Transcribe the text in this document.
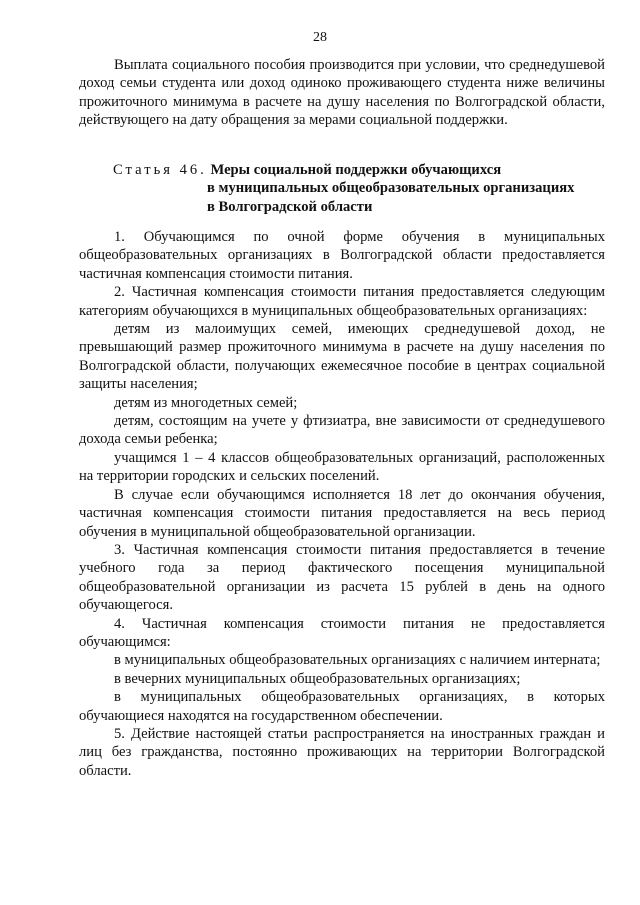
28

Выплата социального пособия производится при условии, что среднедушевой доход семьи студента или доход одиноко проживающего студента ниже величины прожиточного минимума в расчете на душу населения по Волгоградской области, действующего на дату обращения за мерами социальной поддержки.

Статья 46. Меры социальной поддержки обучающихся
в муниципальных общеобразовательных организациях
в Волгоградской области

1. Обучающимся по очной форме обучения в муниципальных общеобразовательных организациях в Волгоградской области предоставляется частичная компенсация стоимости питания.

2. Частичная компенсация стоимости питания предоставляется следующим категориям обучающихся в муниципальных общеобразовательных организациях:

детям из малоимущих семей, имеющих среднедушевой доход, не превышающий размер прожиточного минимума в расчете на душу населения по Волгоградской области, получающих ежемесячное пособие в центрах социальной защиты населения;

детям из многодетных семей;

детям, состоящим на учете у фтизиатра, вне зависимости от среднедушевого дохода семьи ребенка;

учащимся 1 – 4 классов общеобразовательных организаций, расположенных на территории городских и сельских поселений.

В случае если обучающимся исполняется 18 лет до окончания обучения, частичная компенсация стоимости питания предоставляется на весь период обучения в муниципальной общеобразовательной организации.

3. Частичная компенсация стоимости питания предоставляется в течение учебного года за период фактического посещения муниципальной общеобразовательной организации из расчета 15 рублей в день на одного обучающегося.

4. Частичная компенсация стоимости питания не предоставляется обучающимся:

в муниципальных общеобразовательных организациях с наличием интерната;

в вечерних муниципальных общеобразовательных организациях;

в муниципальных общеобразовательных организациях, в которых обучающиеся находятся на государственном обеспечении.

5. Действие настоящей статьи распространяется на иностранных граждан и лиц без гражданства, постоянно проживающих на территории Волгоградской области.
